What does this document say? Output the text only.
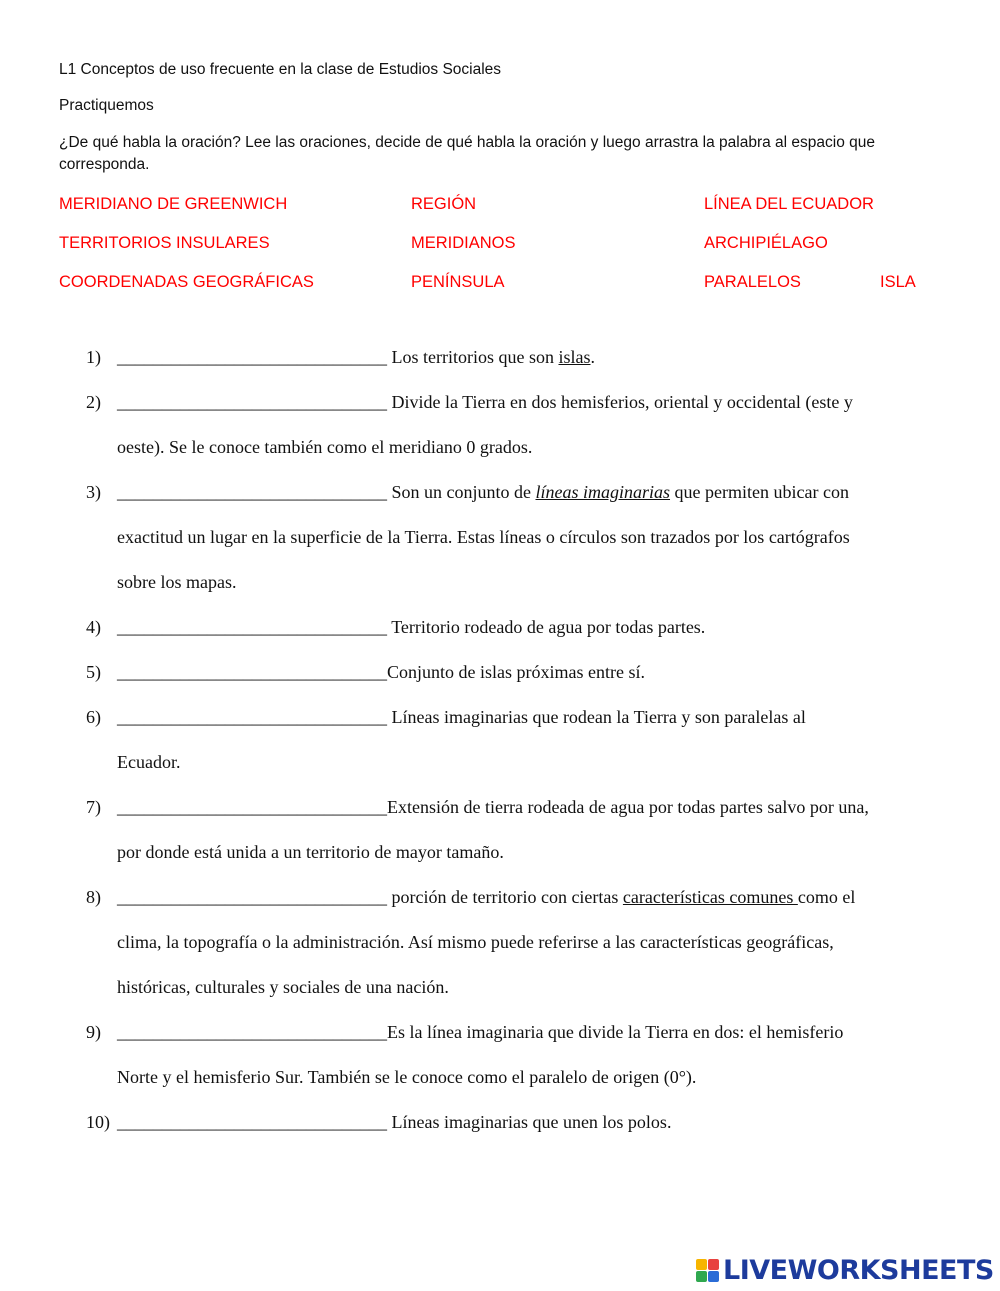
L1 Conceptos de uso frecuente en la clase de Estudios Sociales
Practiquemos
¿De qué habla la oración? Lee las oraciones, decide de qué habla la oración y luego arrastra la palabra al espacio que corresponda.
MERIDIANO DE GREENWICH	REGIÓN	LÍNEA DEL ECUADOR
TERRITORIOS INSULARES	MERIDIANOS	ARCHIPIÉLAGO
COORDENADAS GEOGRÁFICAS	PENÍNSULA	PARALELOS	ISLA
1) ______________________________ Los territorios que son islas.
2) ______________________________ Divide la Tierra en dos hemisferios, oriental y occidental (este y
oeste). Se le conoce también como el meridiano 0 grados.
3) ______________________________ Son un conjunto de líneas imaginarias que permiten ubicar con
exactitud un lugar en la superficie de la Tierra. Estas líneas o círculos son trazados por los cartógrafos
sobre los mapas.
4) ______________________________ Territorio rodeado de agua por todas partes.
5) ______________________________Conjunto de islas próximas entre sí.
6) ______________________________ Líneas imaginarias que rodean la Tierra y son paralelas al
Ecuador.
7) ______________________________Extensión de tierra rodeada de agua por todas partes salvo por una,
por donde está unida a un territorio de mayor tamaño.
8) ______________________________ porción de territorio con ciertas características comunes como el
clima, la topografía o la administración. Así mismo puede referirse a las características geográficas,
históricas, culturales y sociales de una nación.
9) ______________________________Es la línea imaginaria que divide la Tierra en dos: el hemisferio
Norte y el hemisferio Sur. También se le conoce como el paralelo de origen (0°).
10) ______________________________ Líneas imaginarias que unen los polos.
LIVEWORKSHEETS
